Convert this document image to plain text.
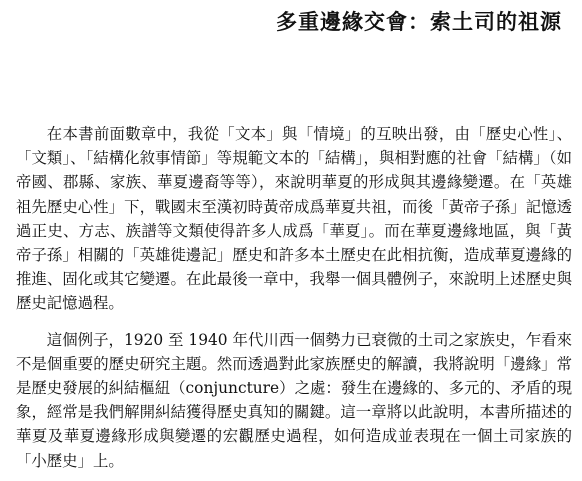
多重邊緣交會：索土司的祖源

在本書前面數章中，我從「文本」與「情境」的互映出發，由「歷史心性」、「文類」、「結構化敘事情節」等規範文本的「結構」，與相對應的社會「結構」（如帝國、郡縣、家族、華夏邊裔等等），來說明華夏的形成與其邊緣變遷。在「英雄祖先歷史心性」下，戰國末至漢初時黃帝成爲華夏共祖，而後「黃帝子孫」記憶透過正史、方志、族譜等文類使得許多人成爲「華夏」。而在華夏邊緣地區，與「黃帝子孫」相關的「英雄徙邊記」歷史和許多本土歷史在此相抗衡，造成華夏邊緣的推進、固化或其它變遷。在此最後一章中，我舉一個具體例子，來說明上述歷史與歷史記憶過程。

這個例子，1920 至 1940 年代川西一個勢力已衰微的土司之家族史，乍看來不是個重要的歷史研究主題。然而透過對此家族歷史的解讀，我將說明「邊緣」常是歷史發展的糾結樞紐（conjuncture）之處：發生在邊緣的、多元的、矛盾的現象，經常是我們解開糾結獲得歷史真知的關鍵。這一章將以此說明，本書所描述的華夏及華夏邊緣形成與變遷的宏觀歷史過程，如何造成並表現在一個土司家族的「小歷史」上。
